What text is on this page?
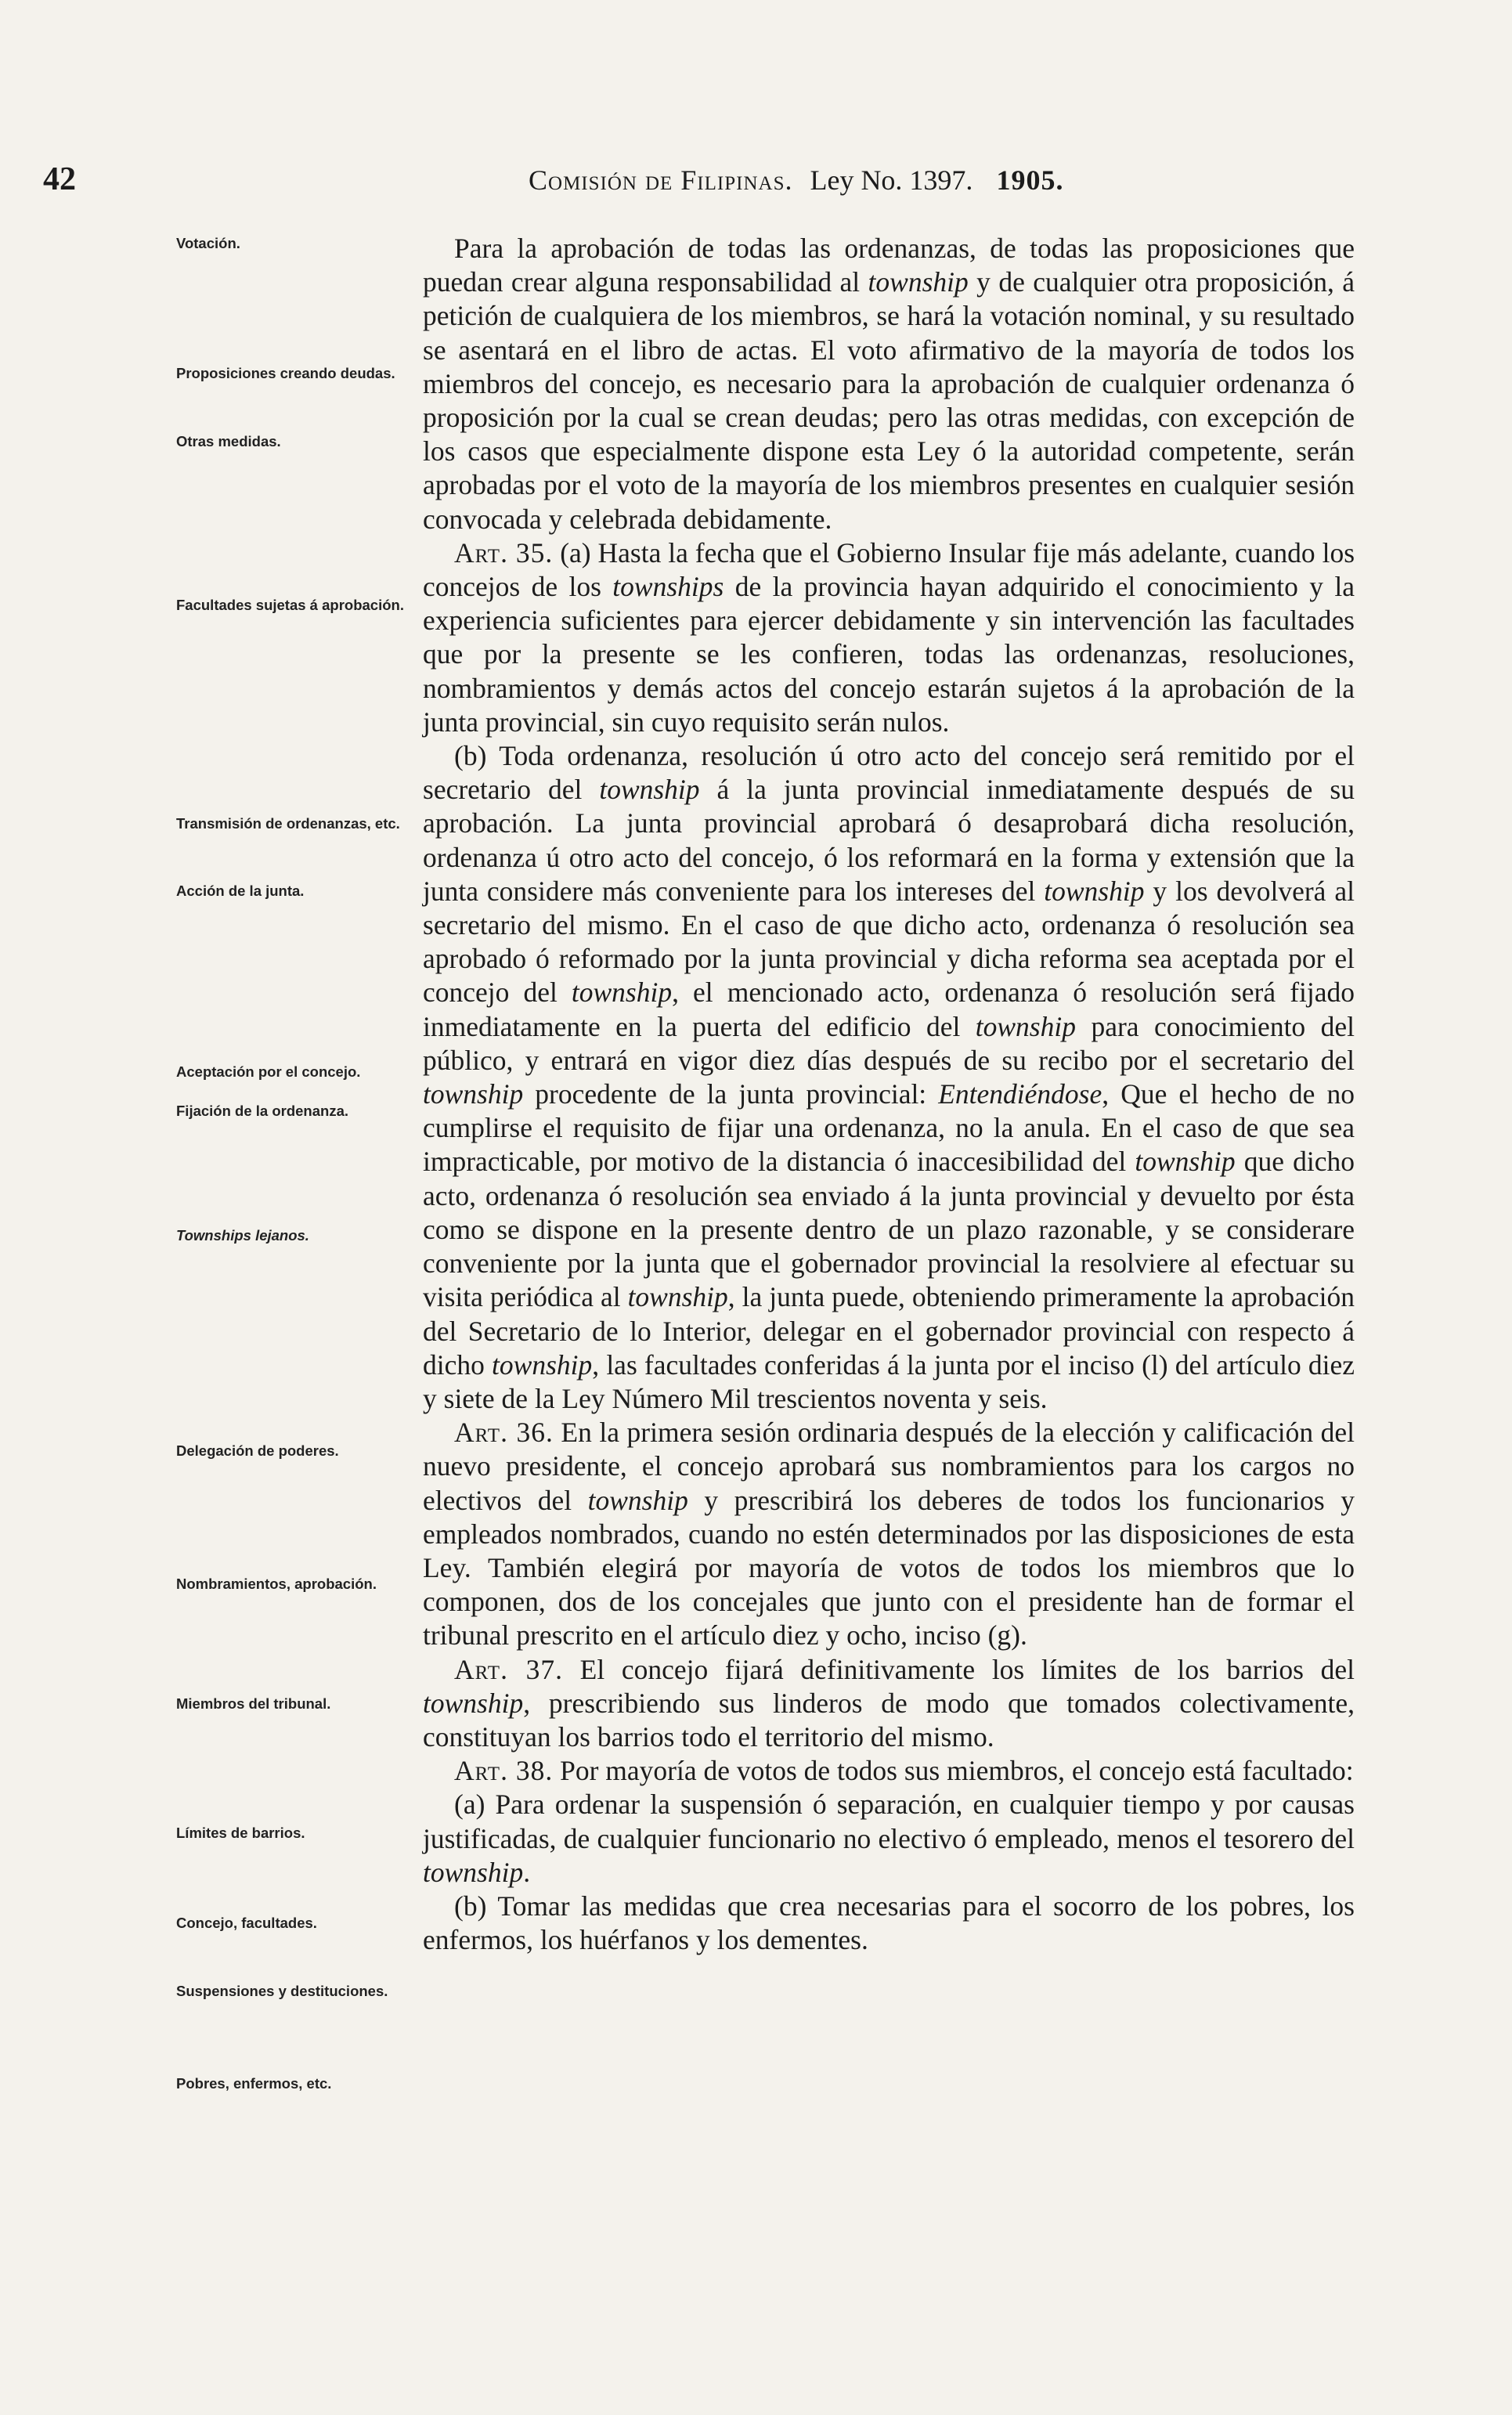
42	Comisión de Filipinas. Ley No. 1397. 1905.
Votación.
Proposiciones creando deudas.
Otras medidas.
Facultades sujetas á aprobación.
Transmisión de ordenanzas, etc.
Acción de la junta.
Aceptación por el concejo.
Fijación de la ordenanza.
Townships lejanos.
Delegación de poderes.
Nombramientos, aprobación.
Miembros del tribunal.
Límites de barrios.
Concejo, facultades.
Suspensiones y destituciones.
Pobres, enfermos, etc.

Para la aprobación de todas las ordenanzas, de todas las proposiciones que puedan crear alguna responsabilidad al township y de cualquier otra proposición, á petición de cualquiera de los miembros, se hará la votación nominal, y su resultado se asentará en el libro de actas. El voto afirmativo de la mayoría de todos los miembros del concejo, es necesario para la aprobación de cualquier ordenanza ó proposición por la cual se crean deudas; pero las otras medidas, con excepción de los casos que especialmente dispone esta Ley ó la autoridad competente, serán aprobadas por el voto de la mayoría de los miembros presentes en cualquier sesión convocada y celebrada debidamente.

Art. 35. (a) Hasta la fecha que el Gobierno Insular fije más adelante, cuando los concejos de los townships de la provincia hayan adquirido el conocimiento y la experiencia suficientes para ejercer debidamente y sin intervención las facultades que por la presente se les confieren, todas las ordenanzas, resoluciones, nombramientos y demás actos del concejo estarán sujetos á la aprobación de la junta provincial, sin cuyo requisito serán nulos.

(b) Toda ordenanza, resolución ú otro acto del concejo será remitido por el secretario del township á la junta provincial inmediatamente después de su aprobación. La junta provincial aprobará ó desaprobará dicha resolución, ordenanza ú otro acto del concejo, ó los reformará en la forma y extensión que la junta considere más conveniente para los intereses del township y los devolverá al secretario del mismo. En el caso de que dicho acto, ordenanza ó resolución sea aprobado ó reformado por la junta provincial y dicha reforma sea aceptada por el concejo del township, el mencionado acto, ordenanza ó resolución será fijado inmediatamente en la puerta del edificio del township para conocimiento del público, y entrará en vigor diez días después de su recibo por el secretario del township procedente de la junta provincial: Entendiéndose, Que el hecho de no cumplirse el requisito de fijar una ordenanza, no la anula. En el caso de que sea impracticable, por motivo de la distancia ó inaccesibilidad del township que dicho acto, ordenanza ó resolución sea enviado á la junta provincial y devuelto por ésta como se dispone en la presente dentro de un plazo razonable, y se considerare conveniente por la junta que el gobernador provincial la resolviere al efectuar su visita periódica al township, la junta puede, obteniendo primeramente la aprobación del Secretario de lo Interior, delegar en el gobernador provincial con respecto á dicho township, las facultades conferidas á la junta por el inciso (l) del artículo diez y siete de la Ley Número Mil trescientos noventa y seis.

Art. 36. En la primera sesión ordinaria después de la elección y calificación del nuevo presidente, el concejo aprobará sus nombramientos para los cargos no electivos del township y prescribirá los deberes de todos los funcionarios y empleados nombrados, cuando no estén determinados por las disposiciones de esta Ley. También elegirá por mayoría de votos de todos los miembros que lo componen, dos de los concejales que junto con el presidente han de formar el tribunal prescrito en el artículo diez y ocho, inciso (g).

Art. 37. El concejo fijará definitivamente los límites de los barrios del township, prescribiendo sus linderos de modo que tomados colectivamente, constituyan los barrios todo el territorio del mismo.

Art. 38. Por mayoría de votos de todos sus miembros, el concejo está facultado:

(a) Para ordenar la suspensión ó separación, en cualquier tiempo y por causas justificadas, de cualquier funcionario no electivo ó empleado, menos el tesorero del township.

(b) Tomar las medidas que crea necesarias para el socorro de los pobres, los enfermos, los huérfanos y los dementes.
